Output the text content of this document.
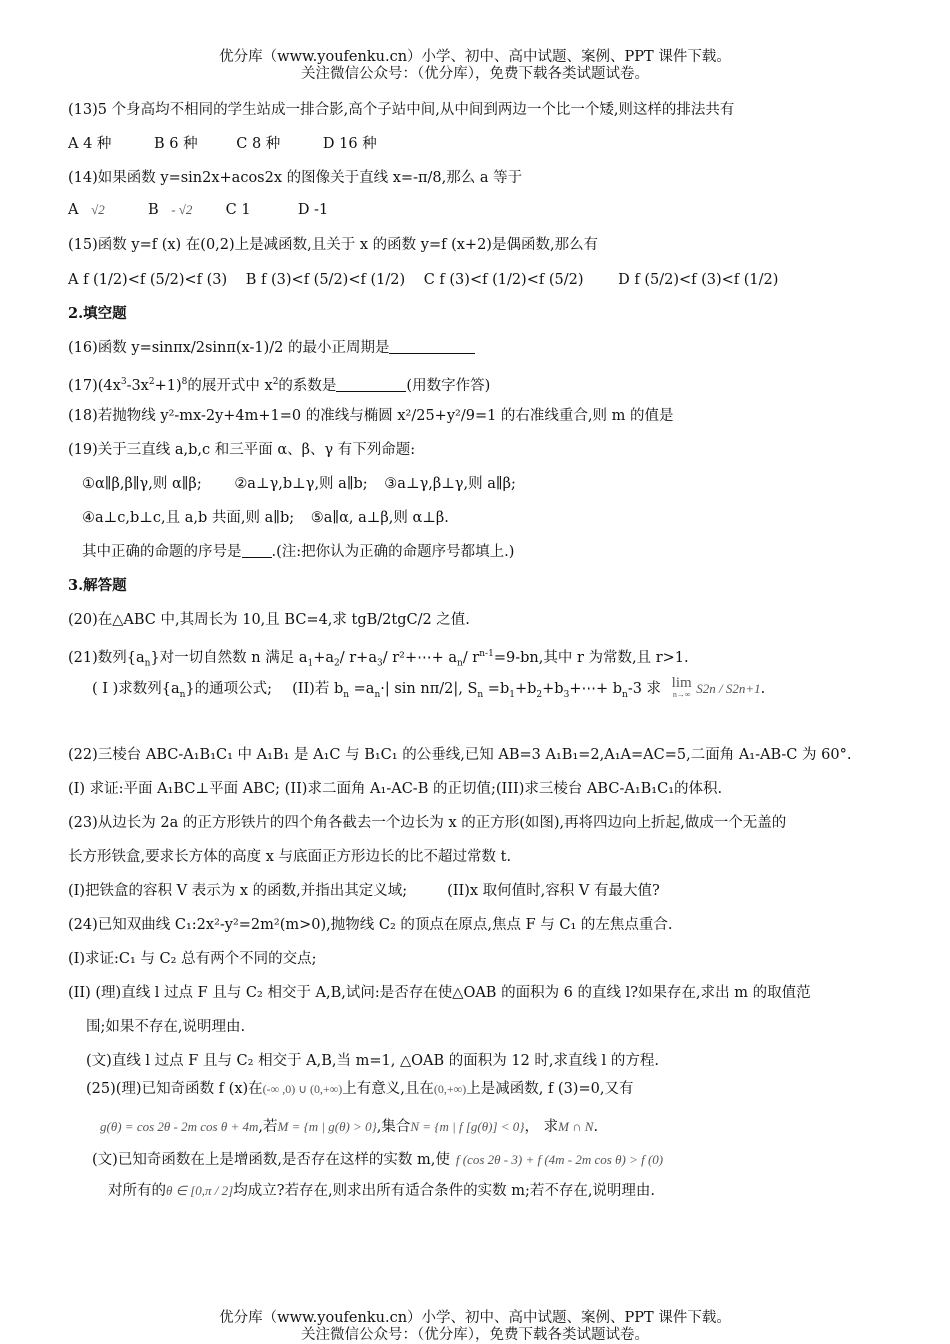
优分库（www.youfenku.cn）小学、初中、高中试题、案例、PPT 课件下载。
关注微信公众号：（优分库），免费下载各类试题试卷。
(13)5 个身高均不相同的学生站成一排合影,高个子站中间,从中间到两边一个比一个矮,则这样的排法共有
A 4 种	B 6 种	C 8 种	D 16 种
(14)如果函数 y=sin2x+acos2x 的图像关于直线 x=-π/8,那么 a 等于
A √2	B - √2 C 1	D -1
(15)函数 y=f (x) 在(0,2)上是减函数,且关于 x 的函数 y=f (x+2)是偶函数,那么有
A f (1/2)<f (5/2)<f (3) B f (3)<f (5/2)<f (1/2) C f (3)<f (1/2)<f (5/2) D f (5/2)<f (3)<f (1/2)
2.填空题
(16)函数 y=sinπx/2sinπ(x-1)/2 的最小正周期是
$(17)(4x^3-3x^2+1)^8$的展开式中 $x^2$的系数是	(用数字作答)
(18)若抛物线 y²-mx-2y+4m+1=0 的准线与椭圆 x²/25+y²/9=1 的右准线重合,则 m 的值是
(19)关于三直线 a,b,c 和三平面 α、β、γ 有下列命题:
①α∥β,β∥γ,则 α∥β; ②a⊥γ,b⊥γ,则 a∥b; ③a⊥γ,β⊥γ,则 a∥β;
④a⊥c,b⊥c,且 a,b 共面,则 a∥b; ⑤a∥α, a⊥β,则 α⊥β.
其中正确的命题的序号是 .(注:把你认为正确的命题序号都填上.)
3.解答题
(20)在△ABC 中,其周长为 10,且 BC=4,求 tgB/2tgC/2 之值.
(21)数列$\{a_n\}$对一切自然数 n 满足 $a_1+a_2/$ $r+a_3/$ r²+⋯+ $a_n/$ $r^{n-1}=9-bn$,其中 r 为常数,且 r>1.
( I )求数列$\{a_n\}$的通项公式; (II)若 $b_n =a_n\cdot|$ sin nπ/2|, $S_n$ $=b_1+b_2+b_3+\cdots+ b_n-3$ 求 lim
n→∞ S2n / S2n+1.
(22)三棱台 ABC-A₁B₁C₁ 中 A₁B₁ 是 A₁C 与 B₁C₁ 的公垂线,已知 AB=3 A₁B₁=2,A₁A=AC=5,二面角 A₁-AB-C 为 60°.
(I) 求证:平面 A₁BC⊥平面 ABC; (II)求二面角 A₁-AC-B 的正切值;(III)求三棱台 ABC-A₁B₁C₁的体积.
(23)从边长为 2a 的正方形铁片的四个角各截去一个边长为 x 的正方形(如图),再将四边向上折起,做成一个无盖的
长方形铁盒,要求长方体的高度 x 与底面正方形边长的比不超过常数 t.
(I)把铁盒的容积 V 表示为 x 的函数,并指出其定义域;	(II)x 取何值时,容积 V 有最大值?
(24)已知双曲线 C₁:2x²-y²=2m²(m>0),抛物线 C₂ 的顶点在原点,焦点 F 与 C₁ 的左焦点重合.
(I)求证:C₁ 与 C₂ 总有两个不同的交点;
(II) (理)直线 l 过点 F 且与 C₂ 相交于 A,B,试问:是否存在使△OAB 的面积为 6 的直线 l?如果存在,求出 m 的取值范
围;如果不存在,说明理由.
(文)直线 l 过点 F 且与 C₂ 相交于 A,B,当 m=1, △OAB 的面积为 12 时,求直线 l 的方程.
(25)(理)已知奇函数 f (x)在(-∞ ,0) ∪ (0,+∞)上有意义,且在(0,+∞)上是减函数, f (3)=0,又有
g(θ) = cos 2θ - 2m cos θ + 4m,若M = {m | g(θ) > 0},集合N = {m | f [g(θ)] < 0}， 求M ∩ N.
(文)已知奇函数在上是增函数,是否存在这样的实数 m,使 f (cos 2θ - 3) + f (4m - 2m cos θ) > f (0)
对所有的θ ∈ [0,π / 2]均成立?若存在,则求出所有适合条件的实数 m;若不存在,说明理由.
优分库（www.youfenku.cn）小学、初中、高中试题、案例、PPT 课件下载。
关注微信公众号：（优分库），免费下载各类试题试卷。
